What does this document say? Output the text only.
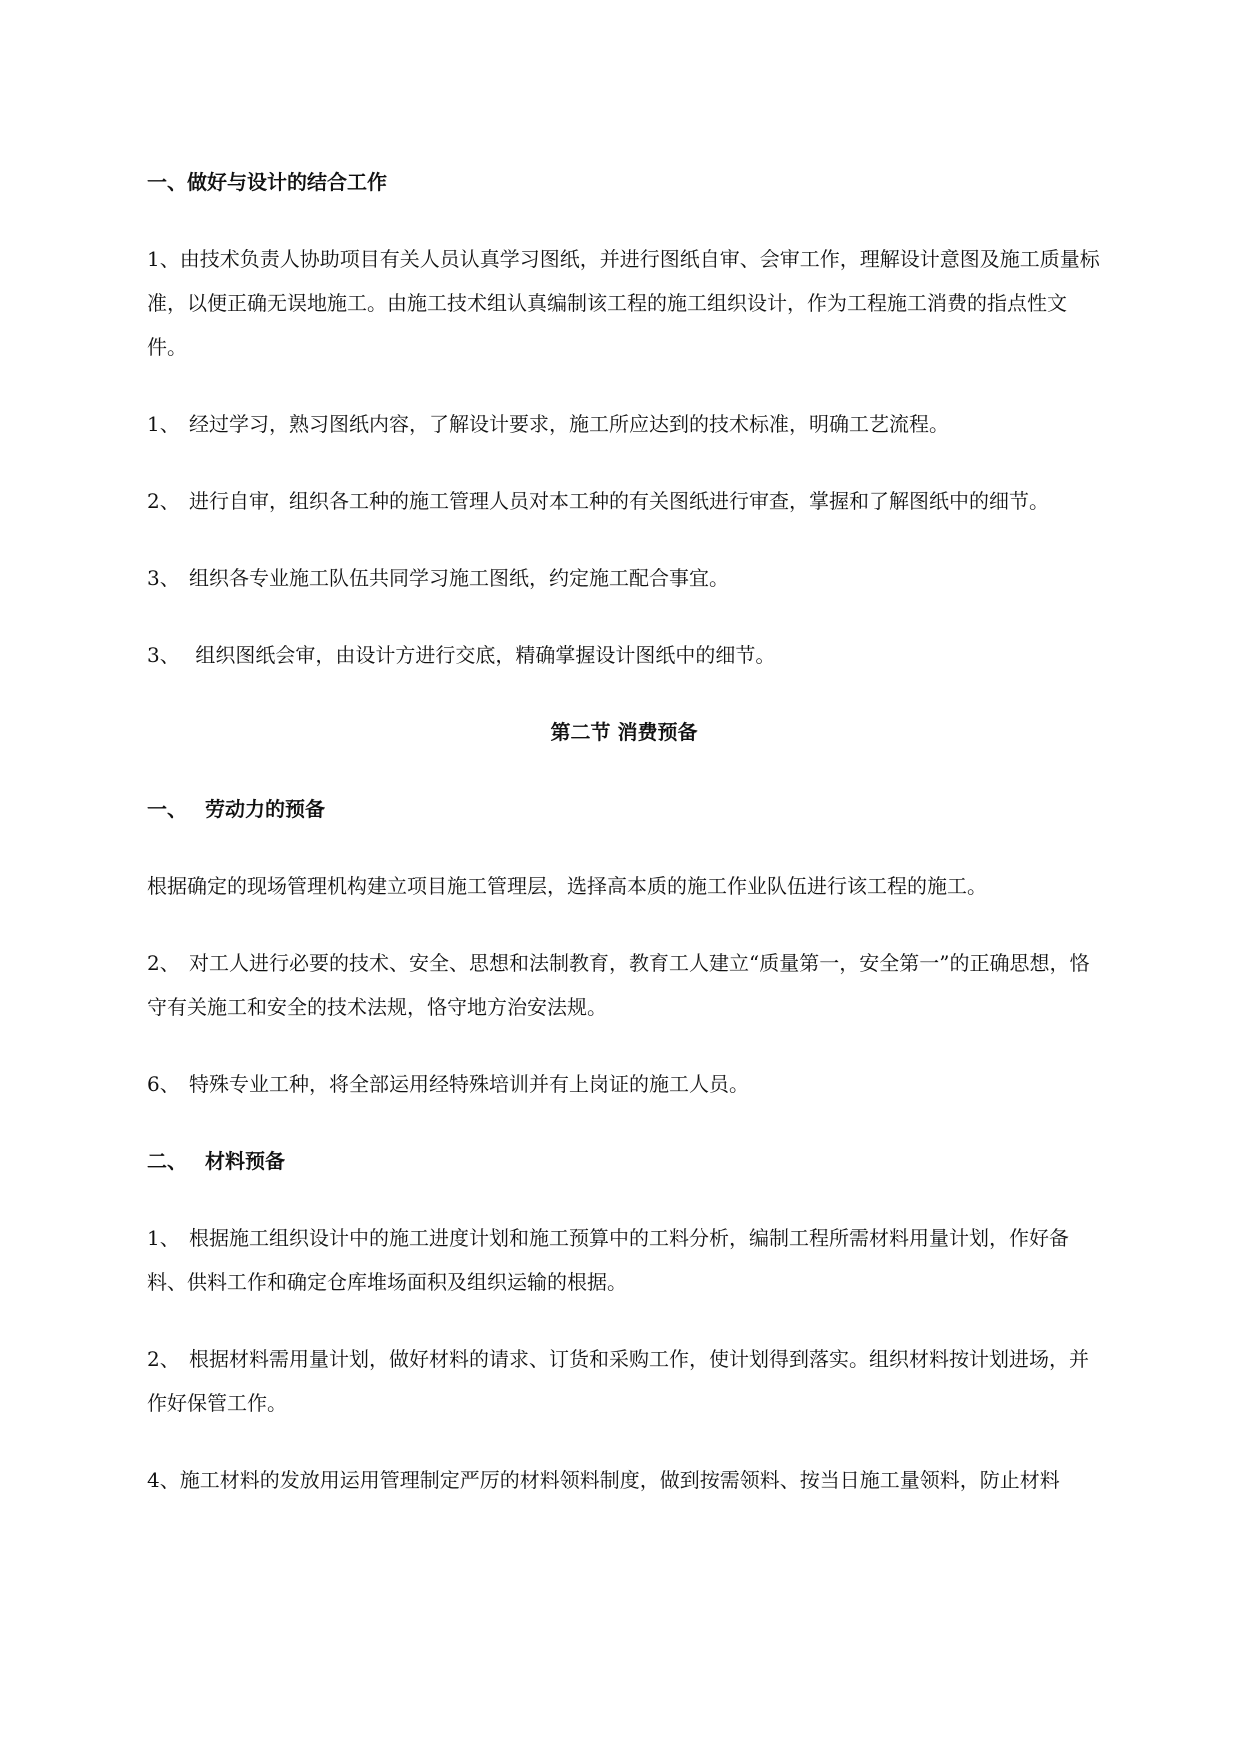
一、做好与设计的结合工作
1、由技术负责人协助项目有关人员认真学习图纸，并进行图纸自审、会审工作，理解设计意图及施工质量标准，以便正确无误地施工。由施工技术组认真编制该工程的施工组织设计，作为工程施工消费的指点性文件。
1、 经过学习，熟习图纸内容，了解设计要求，施工所应达到的技术标准，明确工艺流程。
2、 进行自审，组织各工种的施工管理人员对本工种的有关图纸进行审查，掌握和了解图纸中的细节。
3、 组织各专业施工队伍共同学习施工图纸，约定施工配合事宜。
3、 组织图纸会审，由设计方进行交底，精确掌握设计图纸中的细节。
第二节 消费预备
一、 劳动力的预备
根据确定的现场管理机构建立项目施工管理层，选择高本质的施工作业队伍进行该工程的施工。
2、 对工人进行必要的技术、安全、思想和法制教育，教育工人建立“质量第一，安全第一”的正确思想，恪守有关施工和安全的技术法规，恪守地方治安法规。
6、 特殊专业工种，将全部运用经特殊培训并有上岗证的施工人员。
二、 材料预备
1、 根据施工组织设计中的施工进度计划和施工预算中的工料分析，编制工程所需材料用量计划，作好备料、供料工作和确定仓库堆场面积及组织运输的根据。
2、 根据材料需用量计划，做好材料的请求、订货和采购工作，使计划得到落实。组织材料按计划进场，并作好保管工作。
4、施工材料的发放用运用管理制定严厉的材料领料制度，做到按需领料、按当日施工量领料，防止材料
